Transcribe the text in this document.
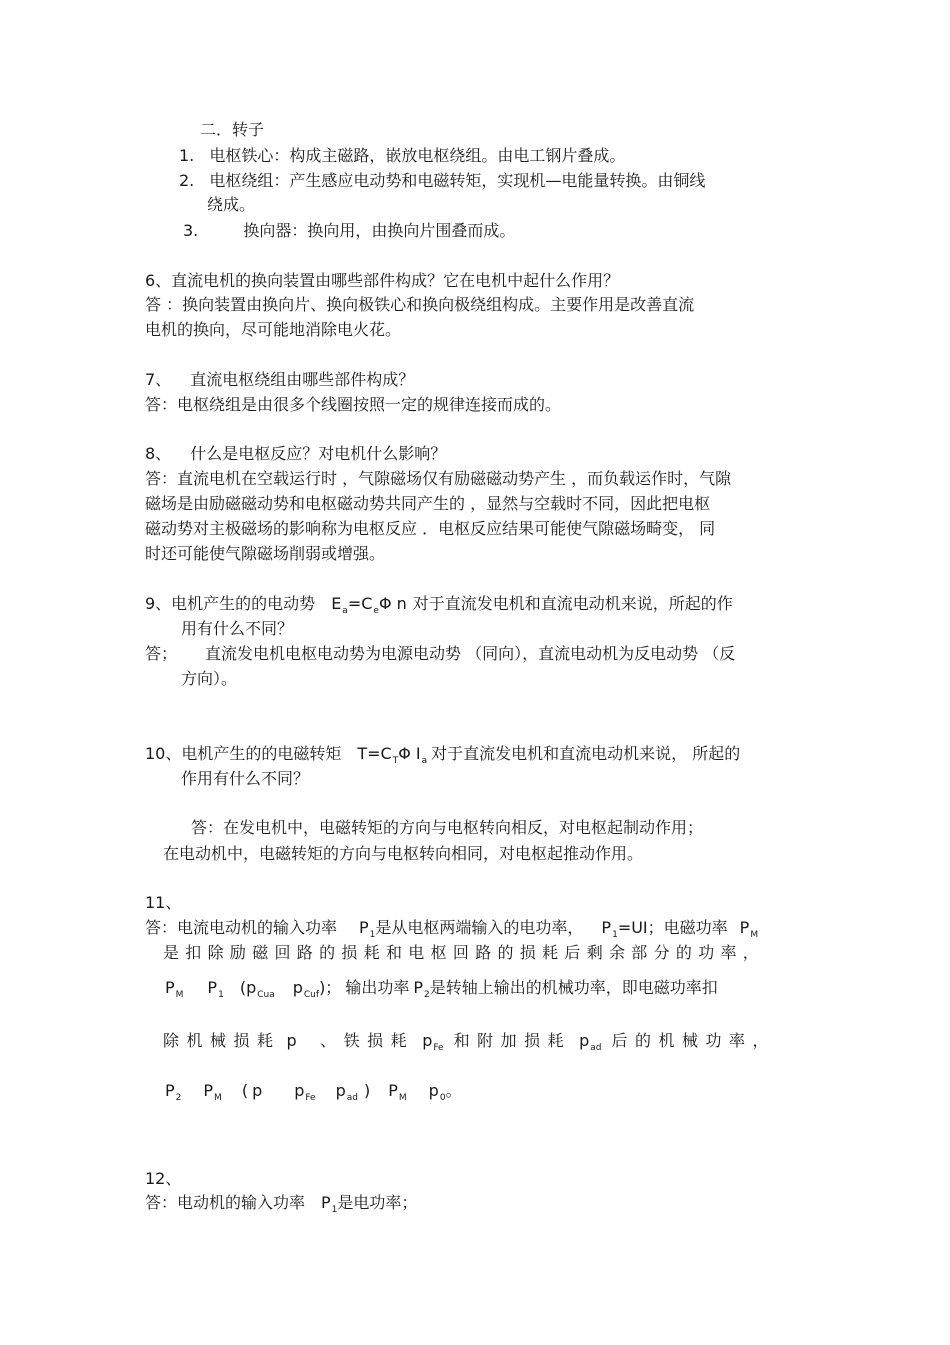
二．转子
1. 电枢铁心：构成主磁路，嵌放电枢绕组。由电工钢片叠成。
2. 电枢绕组：产生感应电动势和电磁转矩，实现机—电能量转换。由铜线
绕成。
3.	换向器：换向用，由换向片围叠而成。
6、直流电机的换向装置由哪些部件构成？它在电机中起什么作用？
答 ：换向装置由换向片、换向极铁心和换向极绕组构成。主要作用是改善直流
电机的换向，尽可能地消除电火花。
7、 直流电枢绕组由哪些部件构成？
答：电枢绕组是由很多个线圈按照一定的规律连接而成的。
8、 什么是电枢反应？对电机什么影响？
答：直流电机在空载运行时 ，气隙磁场仅有励磁磁动势产生 ，而负载运作时，气隙
磁场是由励磁磁动势和电枢磁动势共同产生的 ，显然与空载时不同，因此把电枢
磁动势对主极磁场的影响称为电枢反应 ．电枢反应结果可能使气隙磁场畸变， 同
时还可能使气隙磁场削弱或增强。
9、电机产生的的电动势 $E_a=C_e\Phi$ n 对于直流发电机和直流电动机来说，所起的作
用有什么不同？
答； 直流发电机电枢电动势为电源电动势 （同向），直流电动机为反电动势 （反
方向）。
10、电机产生的的电磁转矩 $T=C_T\Phi$ $I_a$ 对于直流发电机和直流电动机来说， 所起的
作用有什么不同？
答：在发电机中，电磁转矩的方向与电枢转向相反，对电枢起制动作用；
在电动机中，电磁转矩的方向与电枢转向相同，对电枢起推动作用。
11、
答：电流电动机的输入功率 $P_1$是从电枢两端输入的电功率， $P_1=UI$；电磁功率 $P_M$
是扣除励磁回路的损耗和电枢回路的损耗后剩余部分的功率，
$P_M$ $P_1$ ($p_{Cua}$ $p_{Cuf}$)； 输出功率 $P_2$是转轴上输出的机械功率，即电磁功率扣
除机械损耗 p 、铁损耗 $p_{Fe}$ 和附加损耗 $p_{ad}$ 后的机械功率，
$P_2$ $P_M$ ( p $p_{Fe}$ $p_{ad}$ ) $P_M$ $p_0$。
12、
答：电动机的输入功率 $P_1$是电功率；
